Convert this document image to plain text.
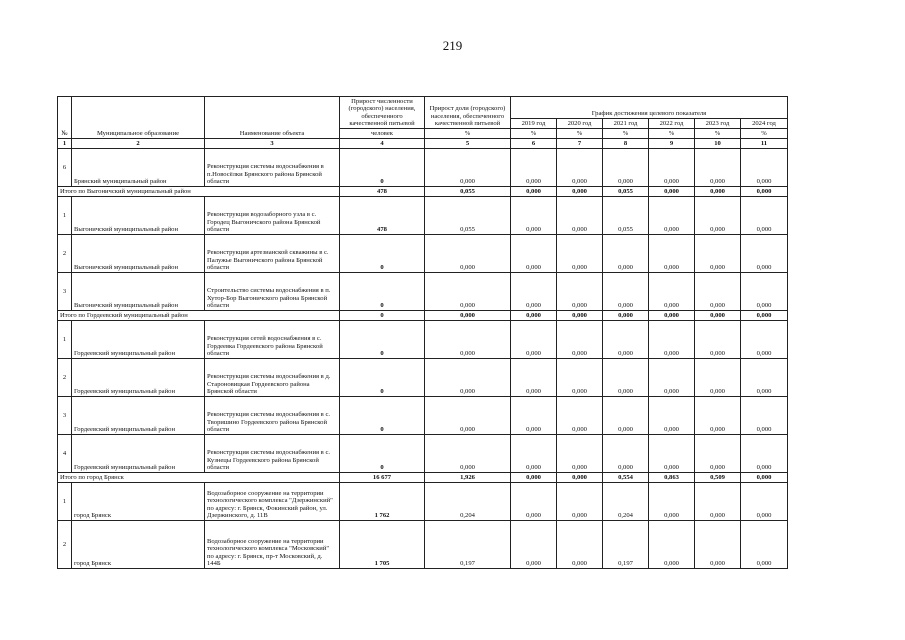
219
№	Муниципальное образование	Наименование объекта	Прирост численности (городского) населения, обеспеченного качественной питьевой	Прирост доли (городского) населения, обеспеченного качественной питьевой	График достижения целевого показателя					
					2019 год	2020 год	2021 год	2022 год	2023 год	2024 год
			человек	%	%	%	%	%	%	%
1	2	3	4	5	6	7	8	9	10	11
6	Брянский муниципальный район	Реконструкция системы водоснабжения в п.Новосёлки Брянского района Брянской области	0	0,000	0,000	0,000	0,000	0,000	0,000	0,000
Итого по Выгоничский муниципальный район			478	0,055	0,000	0,000	0,055	0,000	0,000	0,000
1	Выгоничский муниципальный район	Реконструкция водозаборного узла в с. Городец Выгоничского района Брянской области	478	0,055	0,000	0,000	0,055	0,000	0,000	0,000
2	Выгоничский муниципальный район	Реконструкция артезианской скважины в с. Палужье Выгоничского района Брянской области	0	0,000	0,000	0,000	0,000	0,000	0,000	0,000
3	Выгоничский муниципальный район	Строительство системы водоснабжения в п. Хутор-Бор Выгоничского района Брянской области	0	0,000	0,000	0,000	0,000	0,000	0,000	0,000
Итого по Гордеевский муниципальный район			0	0,000	0,000	0,000	0,000	0,000	0,000	0,000
1	Гордеевский муниципальный район	Реконструкция сетей водоснабжения в с. Гордеевка Гордеевского района Брянской области	0	0,000	0,000	0,000	0,000	0,000	0,000	0,000
2	Гордеевский муниципальный район	Реконструкция системы водоснабжения в д. Староновицкая Гордеевского района Брянской области	0	0,000	0,000	0,000	0,000	0,000	0,000	0,000
3	Гордеевский муниципальный район	Реконструкция системы водоснабжения в с. Творишино Гордеевского района Брянской области	0	0,000	0,000	0,000	0,000	0,000	0,000	0,000
4	Гордеевский муниципальный район	Реконструкция системы водоснабжения в с. Кузнецы Гордеевского района Брянской области	0	0,000	0,000	0,000	0,000	0,000	0,000	0,000
Итого по город Брянск			16 677	1,926	0,000	0,000	0,554	0,863	0,509	0,000
1	город Брянск	Водозаборное сооружение на территории технологического комплекса "Дзержинский" по адресу: г. Брянск, Фокинский район, ул. Дзержинского, д. 11В	1 762	0,204	0,000	0,000	0,204	0,000	0,000	0,000
2	город Брянск	Водозаборное сооружение на территории технологического комплекса "Московский" по адресу: г. Брянск, пр-т Московский, д. 144Б	1 705	0,197	0,000	0,000	0,197	0,000	0,000	0,000
